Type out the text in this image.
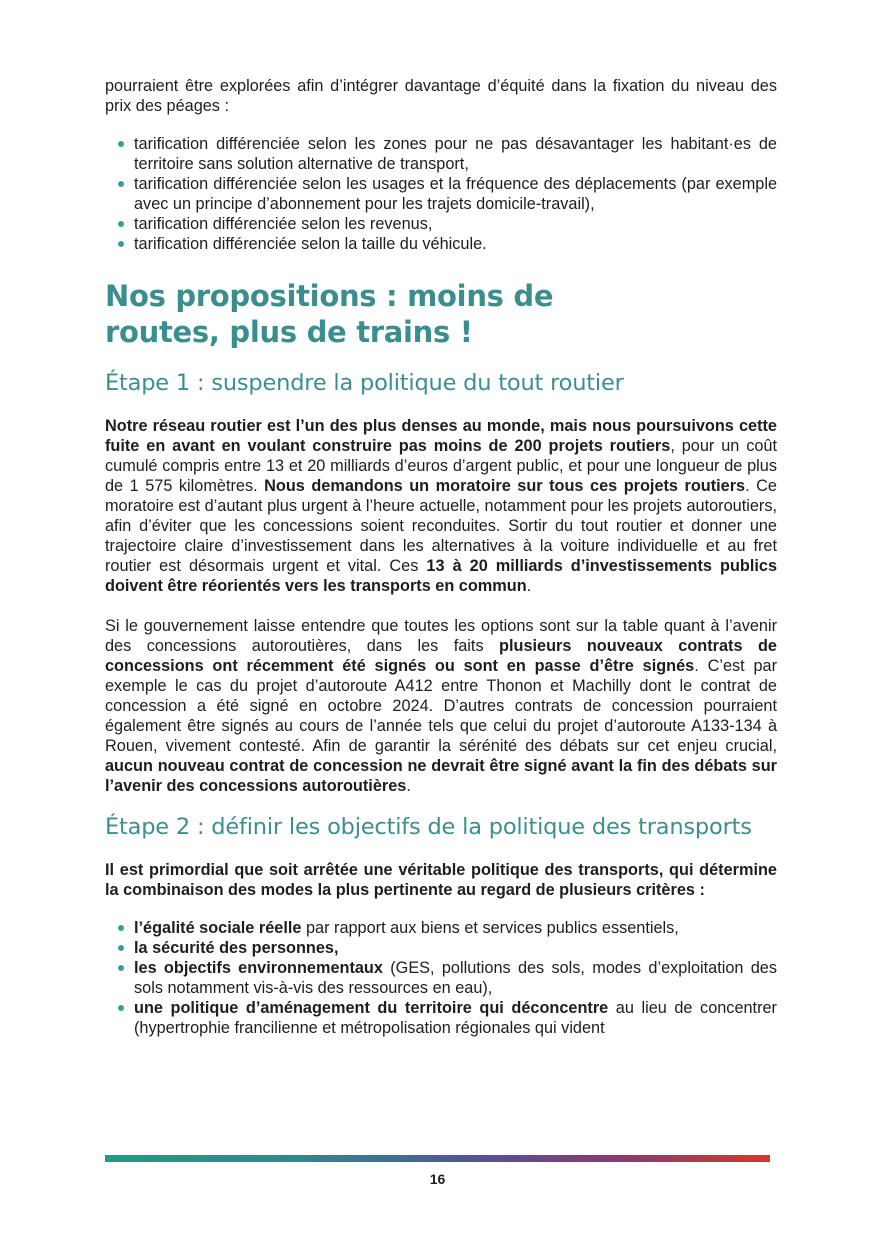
pourraient être explorées afin d’intégrer davantage d’équité dans la fixation du niveau des prix des péages :

tarification différenciée selon les zones pour ne pas désavantager les habitant·es de territoire sans solution alternative de transport,
tarification différenciée selon les usages et la fréquence des déplacements (par exemple avec un principe d’abonnement pour les trajets domicile-travail),
tarification différenciée selon les revenus,
tarification différenciée selon la taille du véhicule.
Nos propositions : moins de
routes, plus de trains !
Étape 1 : suspendre la politique du tout routier

Notre réseau routier est l’un des plus denses au monde, mais nous poursuivons cette fuite en avant en voulant construire pas moins de 200 projets routiers, pour un coût cumulé compris entre 13 et 20 milliards d’euros d’argent public, et pour une longueur de plus de 1 575 kilomètres. Nous demandons un moratoire sur tous ces projets routiers. Ce moratoire est d’autant plus urgent à l’heure actuelle, notamment pour les projets autoroutiers, afin d’éviter que les concessions soient reconduites. Sortir du tout routier et donner une trajectoire claire d’investissement dans les alternatives à la voiture individuelle et au fret routier est désormais urgent et vital. Ces 13 à 20 milliards d’investissements publics doivent être réorientés vers les transports en commun.

Si le gouvernement laisse entendre que toutes les options sont sur la table quant à l’avenir des concessions autoroutières, dans les faits plusieurs nouveaux contrats de concessions ont récemment été signés ou sont en passe d’être signés. C’est par exemple le cas du projet d’autoroute A412 entre Thonon et Machilly dont le contrat de concession a été signé en octobre 2024. D’autres contrats de concession pourraient également être signés au cours de l’année tels que celui du projet d’autoroute A133-134 à Rouen, vivement contesté. Afin de garantir la sérénité des débats sur cet enjeu crucial, aucun nouveau contrat de concession ne devrait être signé avant la fin des débats sur l’avenir des concessions autoroutières.

Étape 2 : définir les objectifs de la politique des transports

Il est primordial que soit arrêtée une véritable politique des transports, qui détermine la combinaison des modes la plus pertinente au regard de plusieurs critères :

l’égalité sociale réelle par rapport aux biens et services publics essentiels,
la sécurité des personnes,
les objectifs environnementaux (GES, pollutions des sols, modes d’exploitation des sols notamment vis-à-vis des ressources en eau),
une politique d’aménagement du territoire qui déconcentre au lieu de concentrer (hypertrophie francilienne et métropolisation régionales qui vident
16
